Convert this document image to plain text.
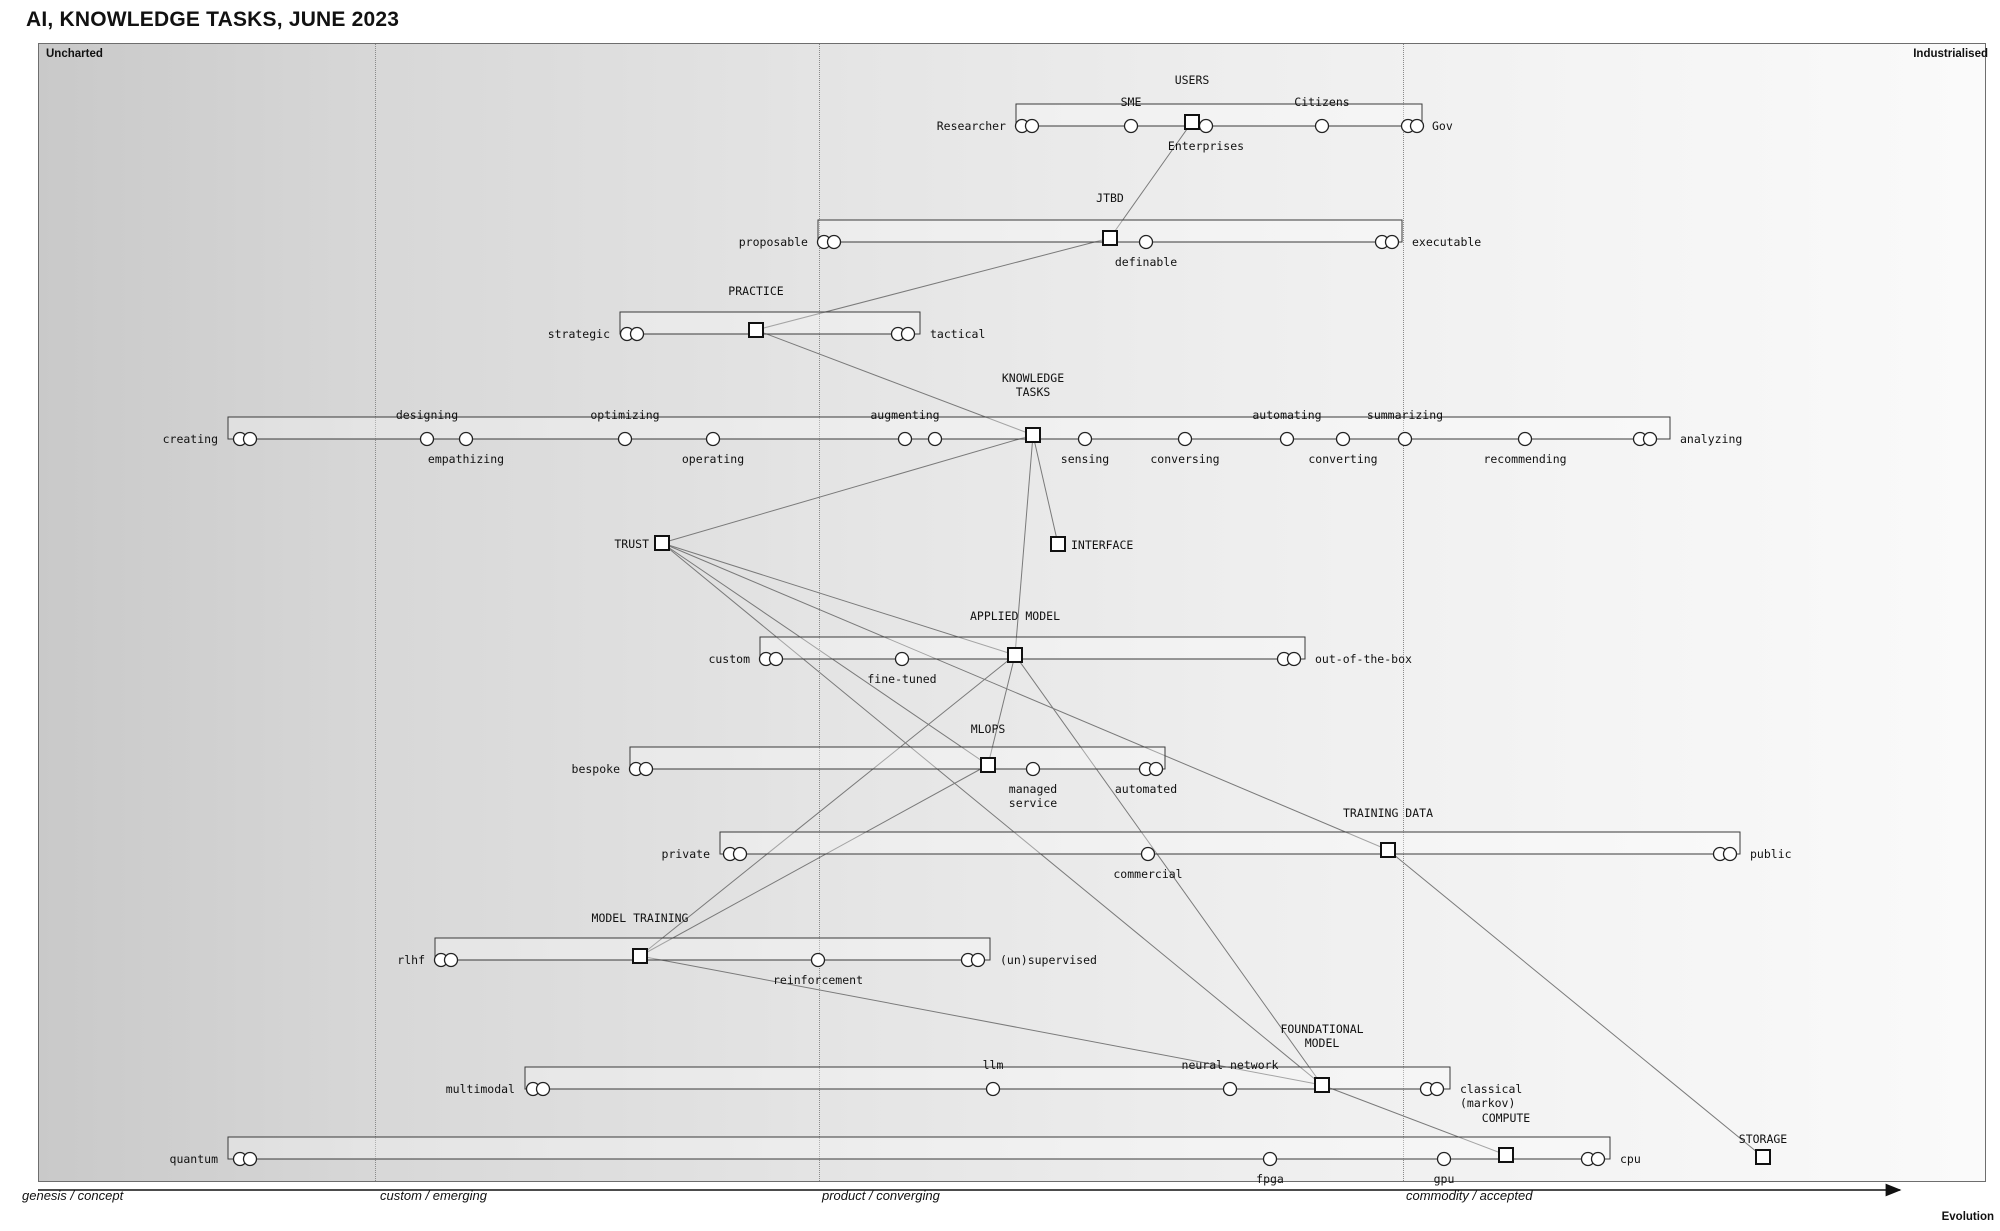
AI, KNOWLEDGE TASKS, JUNE 2023
Uncharted	Industrialised
genesis / concept	custom / emerging	product / converging	commodity / accepted
Evolution
SME
Enterprises
Citizens
Researcher	Gov
USERS
definable
proposable	executable
JTBD
strategic	tactical
PRACTICE
designing
empathizing
optimizing
operating
augmenting
sensing	conversing
automating
converting
summarizing
recommending
creating	analyzing
KNOWLEDGE TASKS
fine-tuned
custom	out-of-the-box
APPLIED MODEL
managed service
automated
bespoke
MLOPS
commercial
private	public
TRAINING DATA
reinforcement
rlhf	(un)supervised
MODEL TRAINING
llm	neural network
multimodal	classical (markov)
FOUNDATIONAL MODEL
fpga	gpu
quantum	cpu
COMPUTE
TRUST	INTERFACE
STORAGE
